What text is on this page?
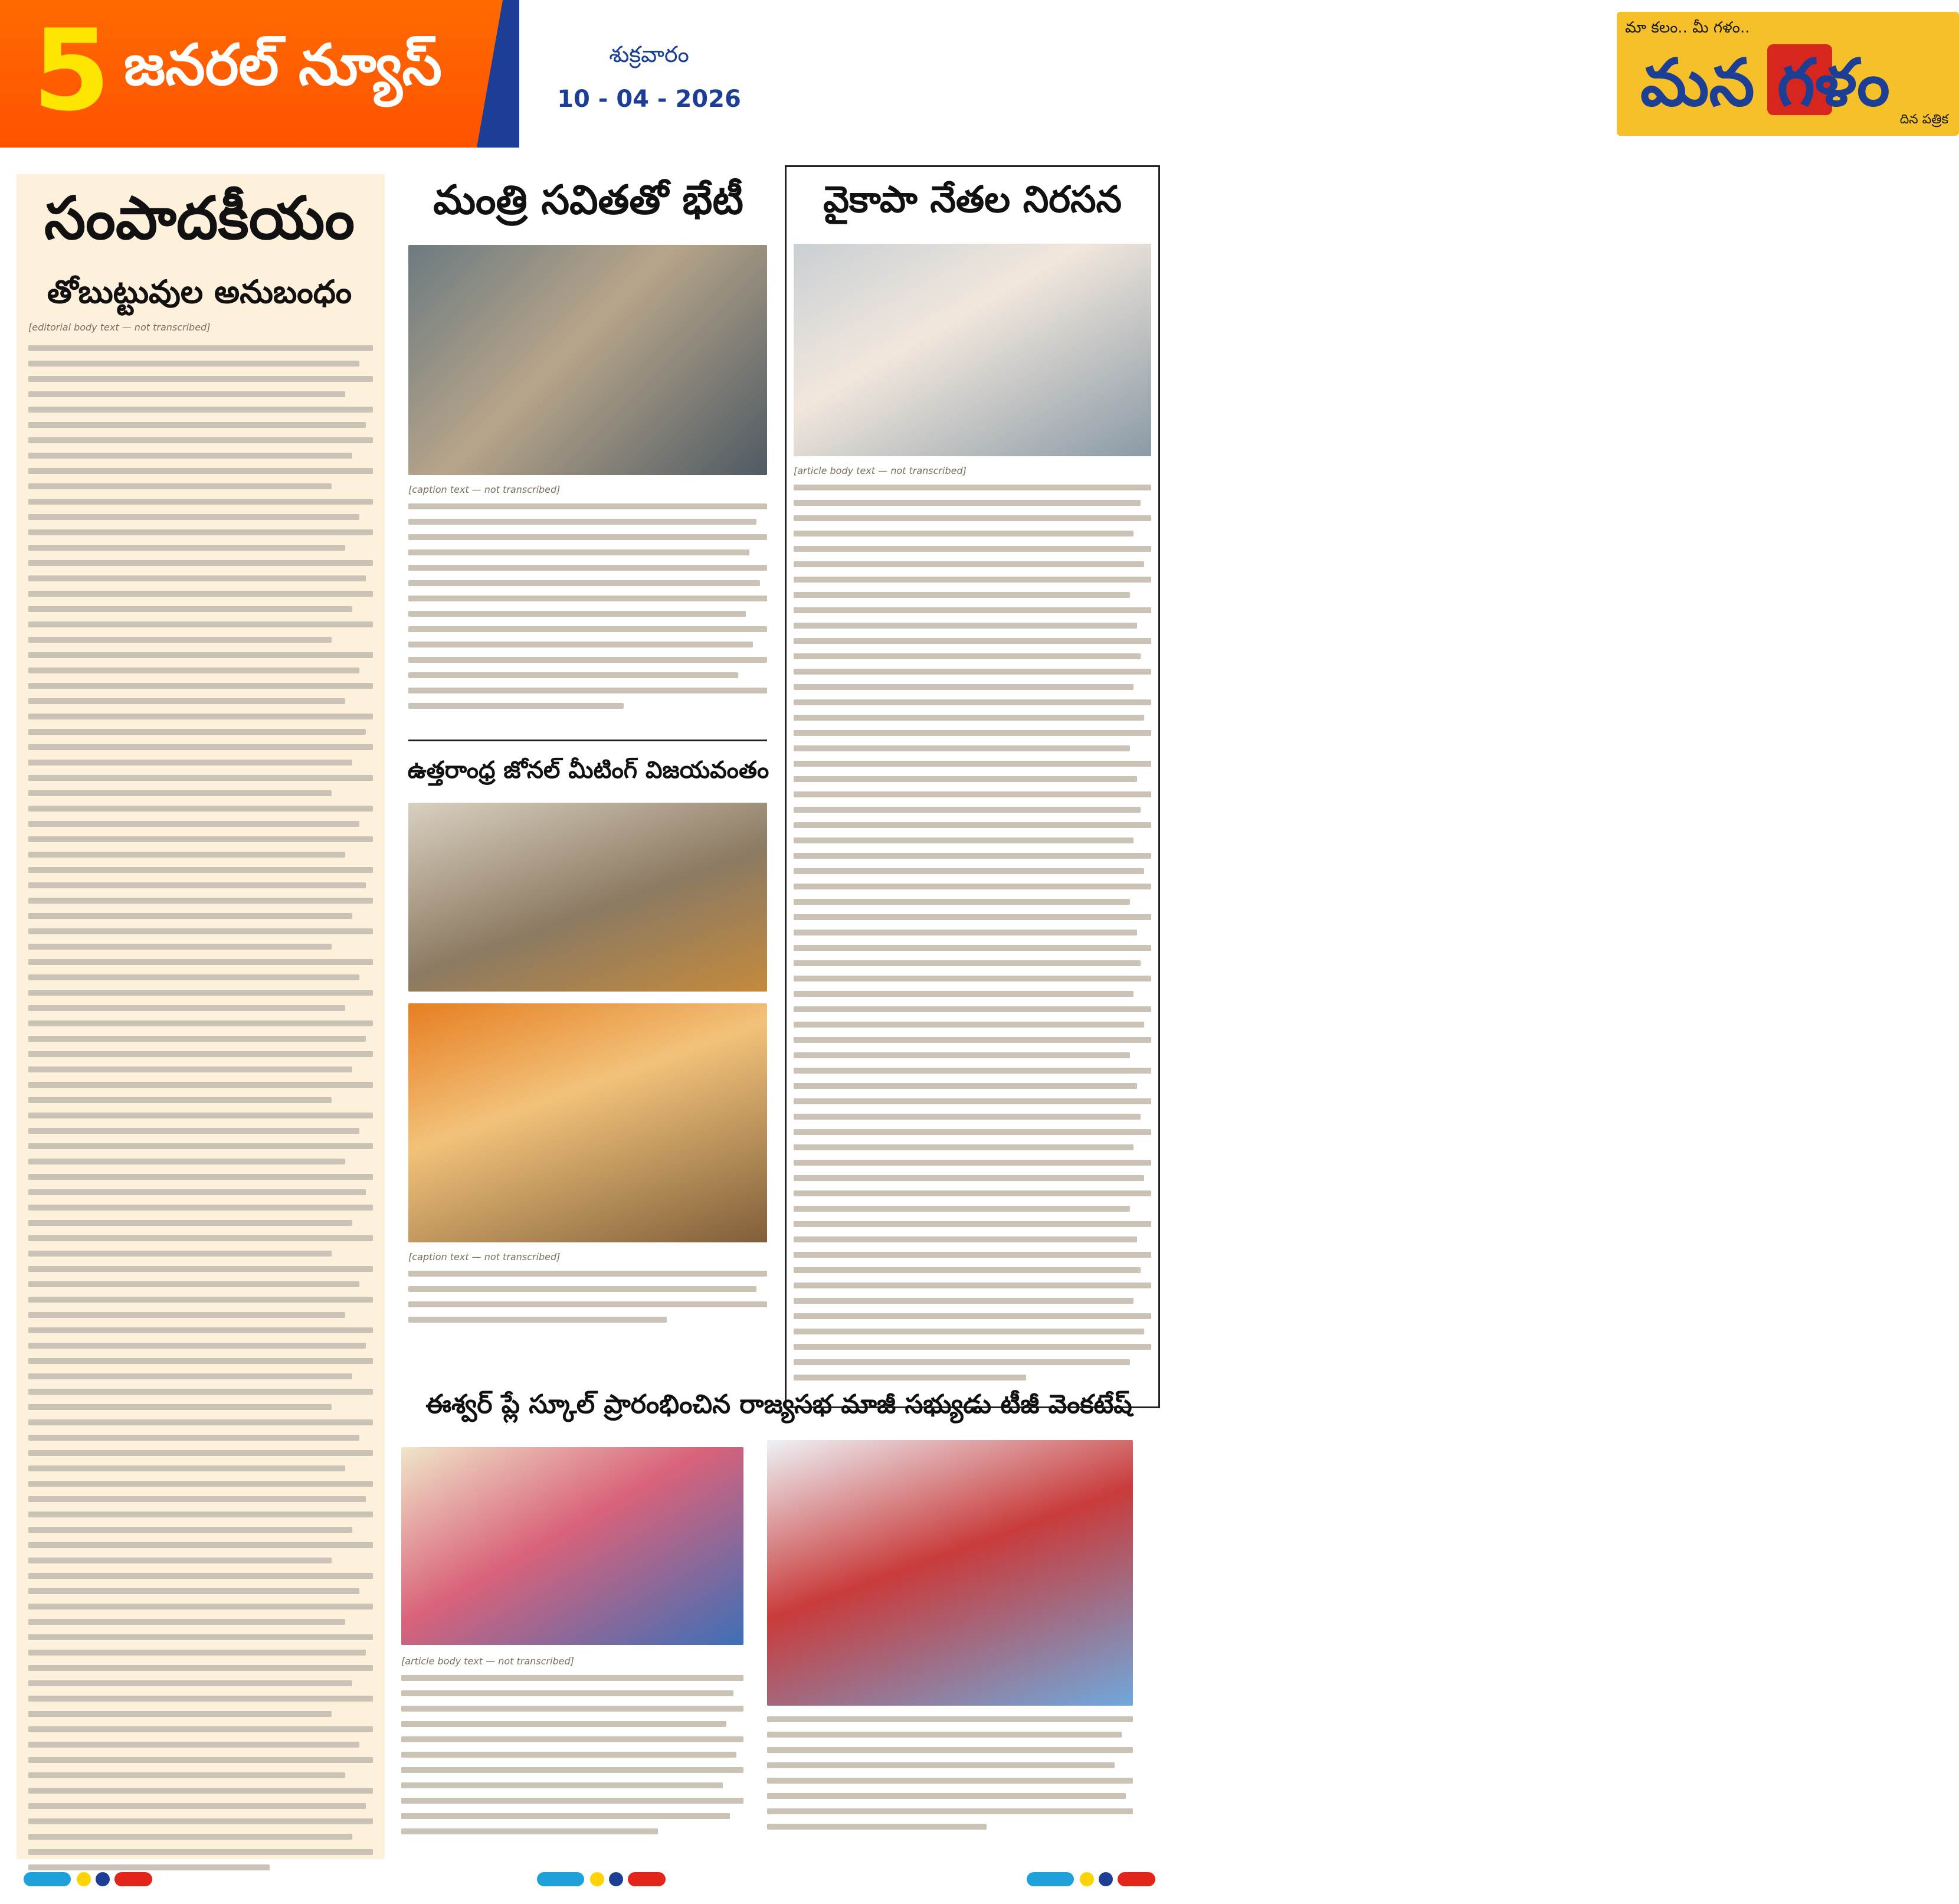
5 జనరల్ న్యూస్	శుక్రవారం
10 - 04 - 2026
మా కలం.. మీ గళం..
మన గళం దిన పత్రిక
సంపాదకీయం
తోబుట్టువుల అనుబంధం
[editorial body text — not transcribed]
మంత్రి సవితతో భేటీ
[caption text — not transcribed]
ఉత్తరాంధ్ర జోనల్ మీటింగ్ విజయవంతం
[caption text — not transcribed]
వైకాపా నేతల నిరసన
[article body text — not transcribed]
ఈశ్వర్ ప్లే స్కూల్ ప్రారంభించిన రాజ్యసభ మాజీ సభ్యుడు టీజీ వెంకటేష్
[article body text — not transcribed]
